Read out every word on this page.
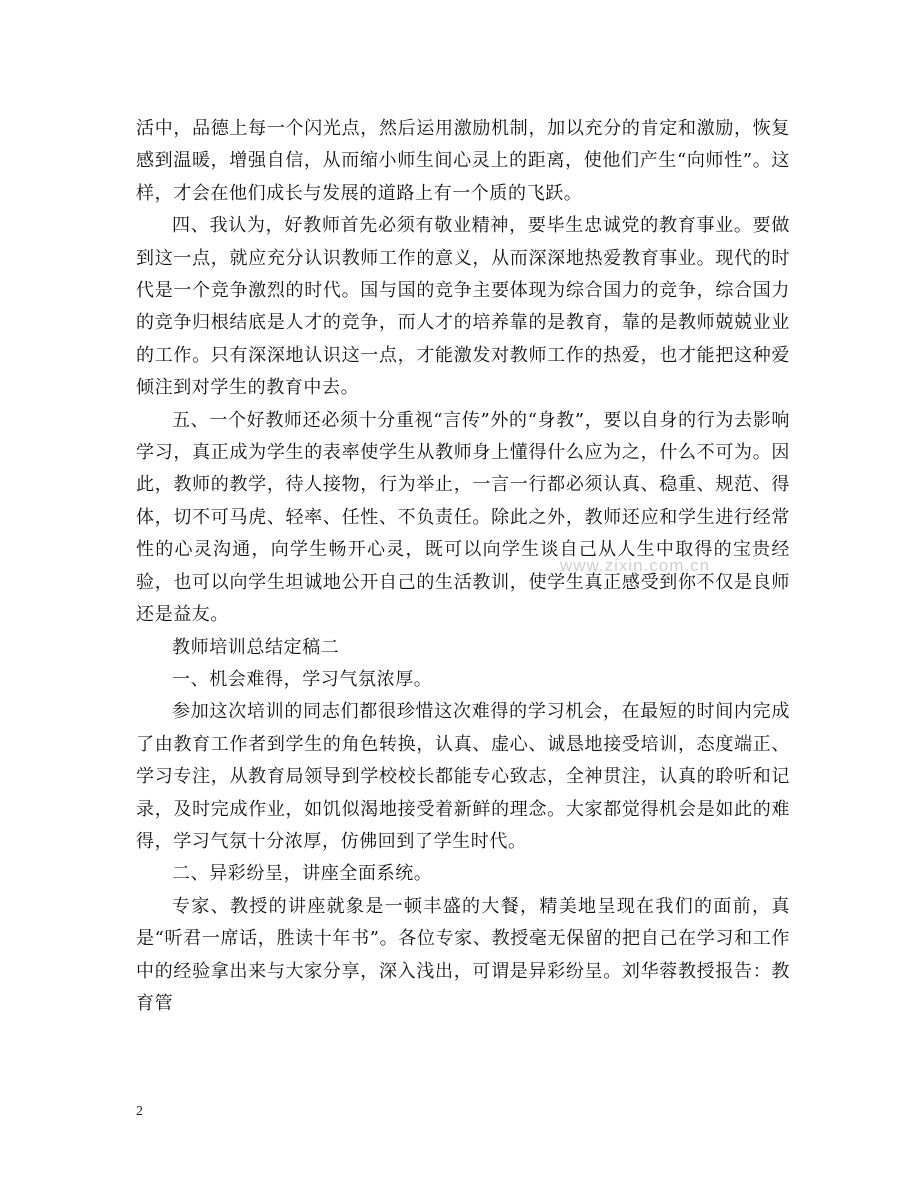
活中，品德上每一个闪光点，然后运用激励机制，加以充分的肯定和激励，恢复感到温暖，增强自信，从而缩小师生间心灵上的距离，使他们产生“向师性”。这样，才会在他们成长与发展的道路上有一个质的飞跃。

四、我认为，好教师首先必须有敬业精神，要毕生忠诚党的教育事业。要做到这一点，就应充分认识教师工作的意义，从而深深地热爱教育事业。现代的时代是一个竞争激烈的时代。国与国的竞争主要体现为综合国力的竞争，综合国力的竞争归根结底是人才的竞争，而人才的培养靠的是教育，靠的是教师兢兢业业的工作。只有深深地认识这一点，才能激发对教师工作的热爱，也才能把这种爱倾注到对学生的教育中去。

五、一个好教师还必须十分重视“言传”外的“身教”，要以自身的行为去影响学习，真正成为学生的表率使学生从教师身上懂得什么应为之，什么不可为。因此，教师的教学，待人接物，行为举止，一言一行都必须认真、稳重、规范、得体，切不可马虎、轻率、任性、不负责任。除此之外，教师还应和学生进行经常性的心灵沟通，向学生畅开心灵，既可以向学生谈自己从人生中取得的宝贵经验，也可以向学生坦诚地公开自己的生活教训，使学生真正感受到你不仅是良师还是益友。

教师培训总结定稿二

一、机会难得，学习气氛浓厚。

参加这次培训的同志们都很珍惜这次难得的学习机会，在最短的时间内完成了由教育工作者到学生的角色转换，认真、虚心、诚恳地接受培训，态度端正、学习专注，从教育局领导到学校校长都能专心致志，全神贯注，认真的聆听和记录，及时完成作业，如饥似渴地接受着新鲜的理念。大家都觉得机会是如此的难得，学习气氛十分浓厚，仿佛回到了学生时代。

二、异彩纷呈，讲座全面系统。

专家、教授的讲座就象是一顿丰盛的大餐，精美地呈现在我们的面前，真是“听君一席话，胜读十年书”。各位专家、教授毫无保留的把自己在学习和工作中的经验拿出来与大家分享，深入浅出，可谓是异彩纷呈。刘华蓉教授报告：教育管

www.zixin.com.cn
2
